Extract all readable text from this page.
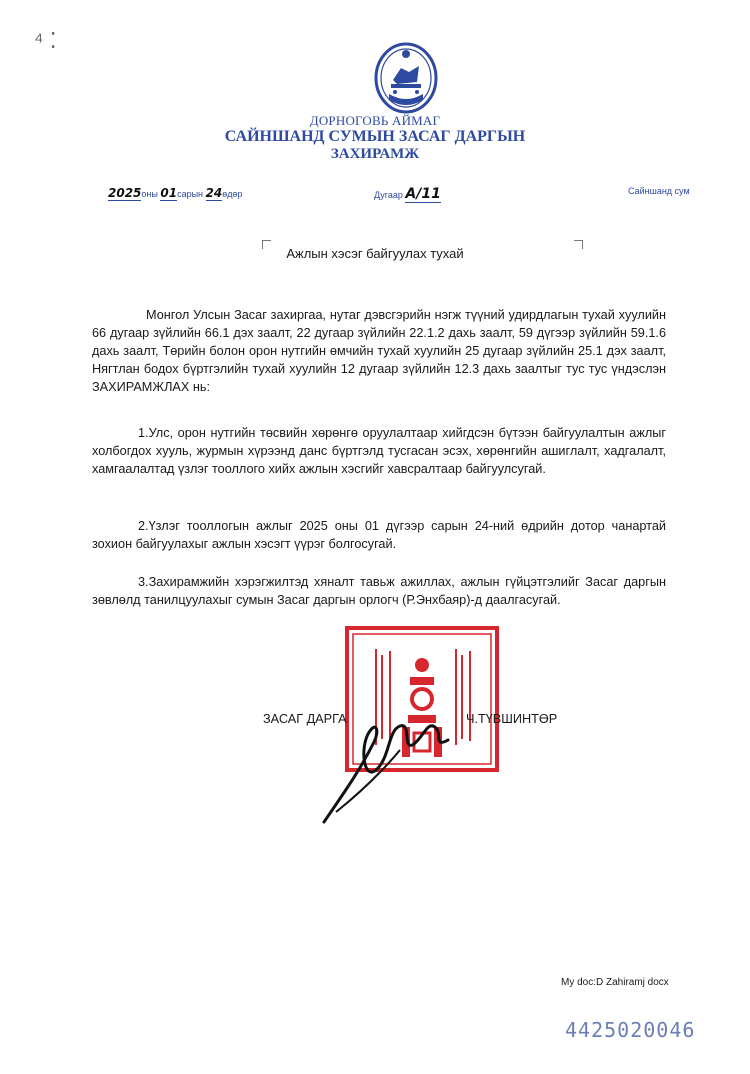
⁴ ⁚
ДОРНОГОВЬ АЙМАГ
САЙНШАНД СУМЫН ЗАСАГ ДАРГЫН
ЗАХИРАМЖ
2025оны 01сарын 24өдөр	Дугаар А/11	Сайншанд сум
Ажлын хэсэг байгуулах тухай

Монгол Улсын Засаг захиргаа, нутаг дэвсгэрийн нэгж түүний удирдлагын тухай хуулийн 66 дугаар зүйлийн 66.1 дэх заалт, 22 дугаар зүйлийн 22.1.2 дахь заалт, 59 дүгээр зүйлийн 59.1.6 дахь заалт, Төрийн болон орон нутгийн өмчийн тухай хуулийн 25 дугаар зүйлийн 25.1 дэх заалт, Нягтлан бодох бүртгэлийн тухай хуулийн 12 дугаар зүйлийн 12.3 дахь заалтыг тус тус үндэслэн ЗАХИРАМЖЛАХ нь:

1.Улс, орон нутгийн төсвийн хөрөнгө оруулалтаар хийгдсэн бүтээн байгуулалтын ажлыг холбогдох хууль, журмын хүрээнд данс бүртгэлд тусгасан эсэх, хөрөнгийн ашиглалт, хадгалалт, хамгаалалтад үзлэг тооллого хийх ажлын хэсгийг хавсралтаар байгуулсугай.

2.Үзлэг тооллогын ажлыг 2025 оны 01 дүгээр сарын 24-ний өдрийн дотор чанартай зохион байгуулахыг ажлын хэсэгт үүрэг болгосугай.

3.Захирамжийн хэрэгжилтэд хяналт тавьж ажиллах, ажлын гүйцэтгэлийг Засаг даргын зөвлөлд танилцуулахыг сумын Засаг даргын орлогч (Р.Энхбаяр)-д даалгасугай.

ЗАСАГ ДАРГА	Ч.ТҮВШИНТӨР
My doc:D Zahiramj docx
4425020046
